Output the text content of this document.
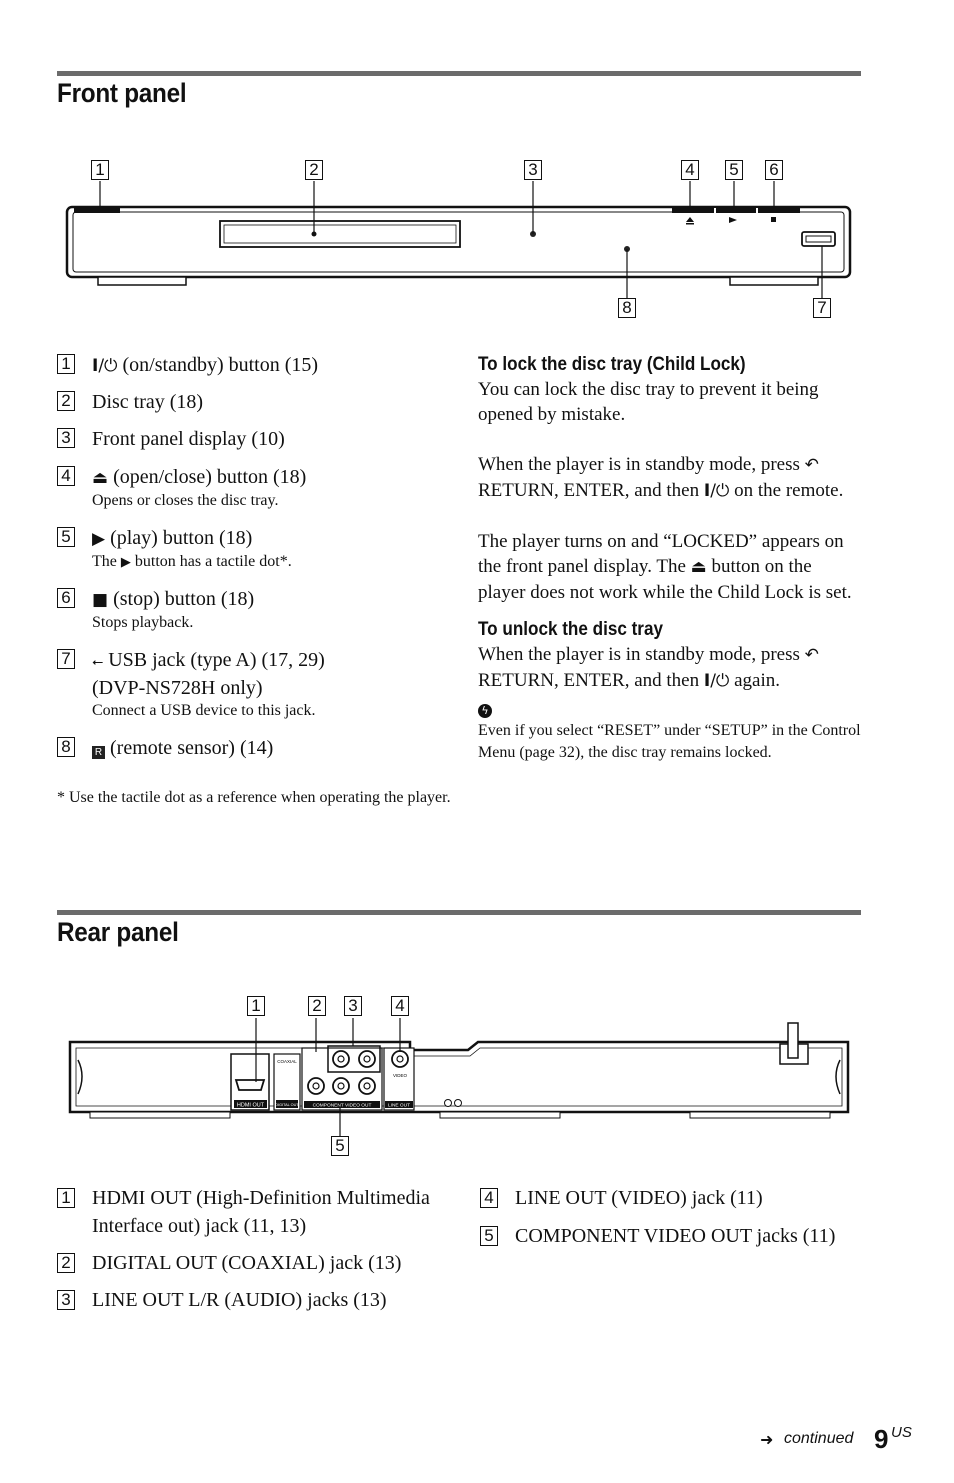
Front panel
1	2	3	4 5 6
8	7
1 I/⏻ (on/standby) button (15)
2 Disc tray (18)
3 Front panel display (10)
4 ⏏ (open/close) button (18)
Opens or closes the disc tray.
5 ▶ (play) button (18)
The ▶ button has a tactile dot*.
6 ■ (stop) button (18)
Stops playback.
7	⭠ USB jack (type A) (17, 29)
(DVP-NS728H only)
Connect a USB device to this jack.
8	R (remote sensor) (14)
* Use the tactile dot as a reference when operating the player.
To lock the disc tray (Child Lock)
You can lock the disc tray to prevent it being opened by mistake.
When the player is in standby mode, press ↶ RETURN, ENTER, and then I/⏻ on the remote.
The player turns on and “LOCKED” appears on the front panel display. The ⏏ button on the player does not work while the Child Lock is set.
To unlock the disc tray
When the player is in standby mode, press ↶ RETURN, ENTER, and then I/⏻ again.
ϟ
Even if you select “RESET” under “SETUP” in the Control Menu (page 32), the disc tray remains locked.
Rear panel
HDMI OUT
COAXIAL
DIGITAL OUT	COMPONENT VIDEO OUT
VIDEO
LINE OUT
1	2 3 4
5
1 HDMI OUT (High-Definition Multimedia Interface out) jack (11, 13)
2 DIGITAL OUT (COAXIAL) jack (13)
3 LINE OUT L/R (AUDIO) jacks (13)
4 LINE OUT (VIDEO) jack (11)
5 COMPONENT VIDEO OUT jacks (11)
➜ continued 9 US
